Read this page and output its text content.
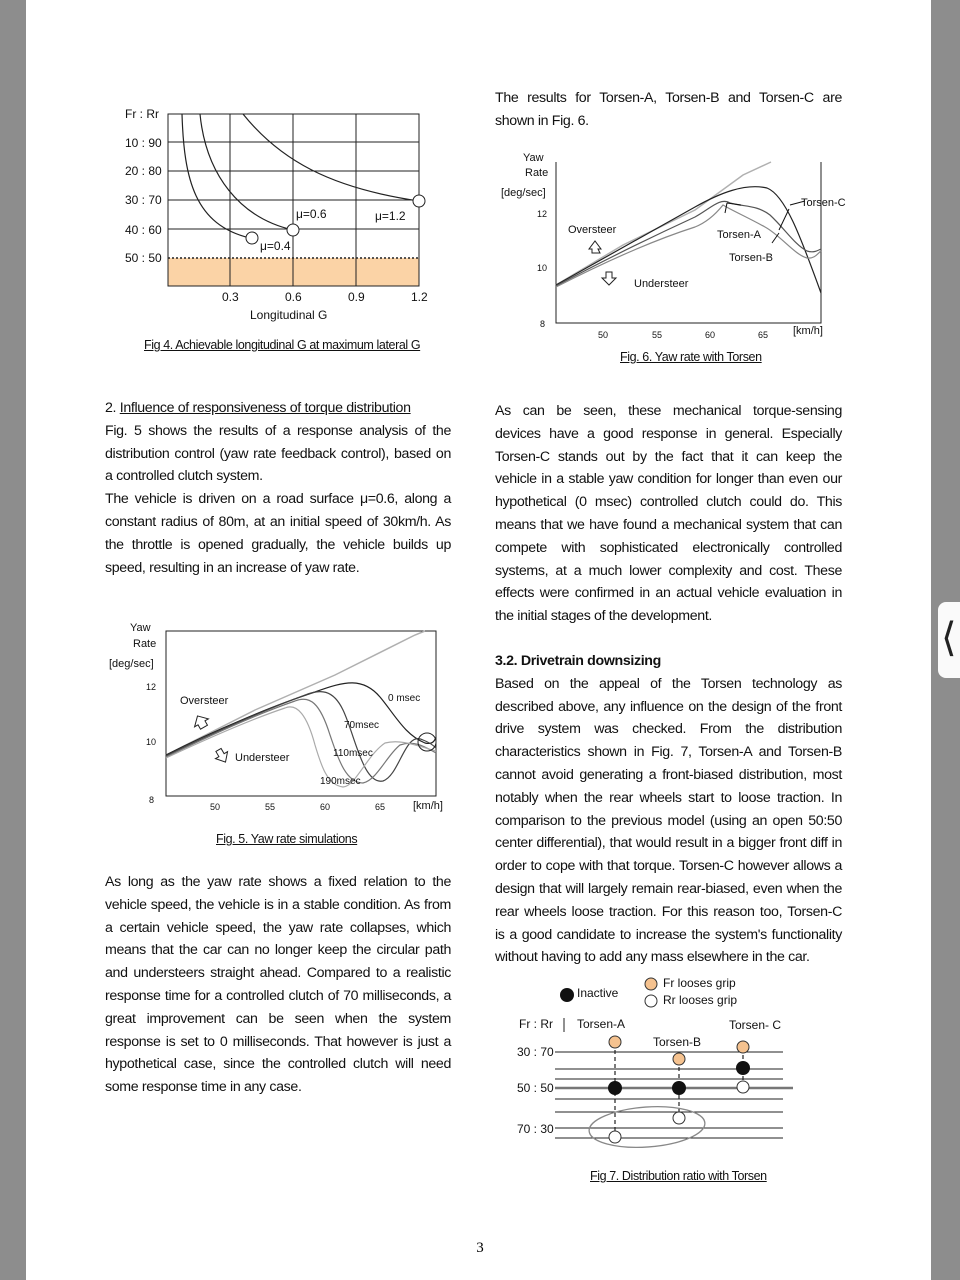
⟨
Fr : Rr
10 : 90
20 : 80
30 : 70
40 : 60
50 : 50
0.3	0.6	0.9	1.2
Longitudinal G
μ=0.6	μ=1.2
μ=0.4
Fig 4. Achievable longitudinal G at maximum lateral G
The results for Torsen-A, Torsen-B and Torsen-C are shown in Fig. 6.
Yaw
Rate
[deg/sec]
12
10
8
50	55	60	65 [km/h]
Oversteer
Understeer
Torsen-C
Torsen-A
Torsen-B
Fig. 6. Yaw rate with Torsen
2. Influence of responsiveness of torque distribution
Fig. 5 shows the results of a response analysis of the
distribution control (yaw rate feedback control), based on
a controlled clutch system.
The vehicle is driven on a road surface μ=0.6, along a
constant radius of 80m, at an initial speed of 30km/h. As
the throttle is opened gradually, the vehicle builds up
speed, resulting in an increase of yaw rate.
Yaw
Rate
[deg/sec]
12
10
8
50	55	60	65	[km/h]
Oversteer
Understeer
0 msec
70msec
110msec
190msec
Fig. 5. Yaw rate simulations
As long as the yaw rate shows a fixed relation to the
vehicle speed, the vehicle is in a stable condition. As from
a certain vehicle speed, the yaw rate collapses, which
means that the car can no longer keep the circular path
and understeers straight ahead. Compared to a realistic
response time for a controlled clutch of 70 milliseconds, a
great improvement can be seen when the system
response is set to 0 milliseconds. That however is just a
hypothetical case, since the controlled clutch will need
some response time in any case.
As can be seen, these mechanical torque-sensing
devices have a good response in general. Especially
Torsen-C stands out by the fact that it can keep the
vehicle in a stable yaw condition for longer than even our
hypothetical (0 msec) controlled clutch could do. This
means that we have found a mechanical system that can
compete with sophisticated electronically controlled
systems, at a much lower complexity and cost. These
effects were confirmed in an actual vehicle evaluation in
the initial stages of the development.
3.2. Drivetrain downsizing
Based on the appeal of the Torsen technology as
described above, any influence on the design of the front
drive system was checked. From the distribution
characteristics shown in Fig. 7, Torsen-A and Torsen-B
cannot avoid generating a front-biased distribution, most
notably when the rear wheels start to loose traction. In
comparison to the previous model (using an open 50:50
center differential), that would result in a bigger front diff in
order to cope with that torque. Torsen-C however allows a
design that will largely remain rear-biased, even when the
rear wheels loose traction. For this reason too, Torsen-C
is a good candidate to increase the system's functionality
without having to add any mass elsewhere in the car.
Inactive
Fr looses grip
Rr looses grip
Fr : Rr Torsen-A
Torsen-B
Torsen- C
30 : 70
50 : 50
70 : 30
Fig 7. Distribution ratio with Torsen
3
